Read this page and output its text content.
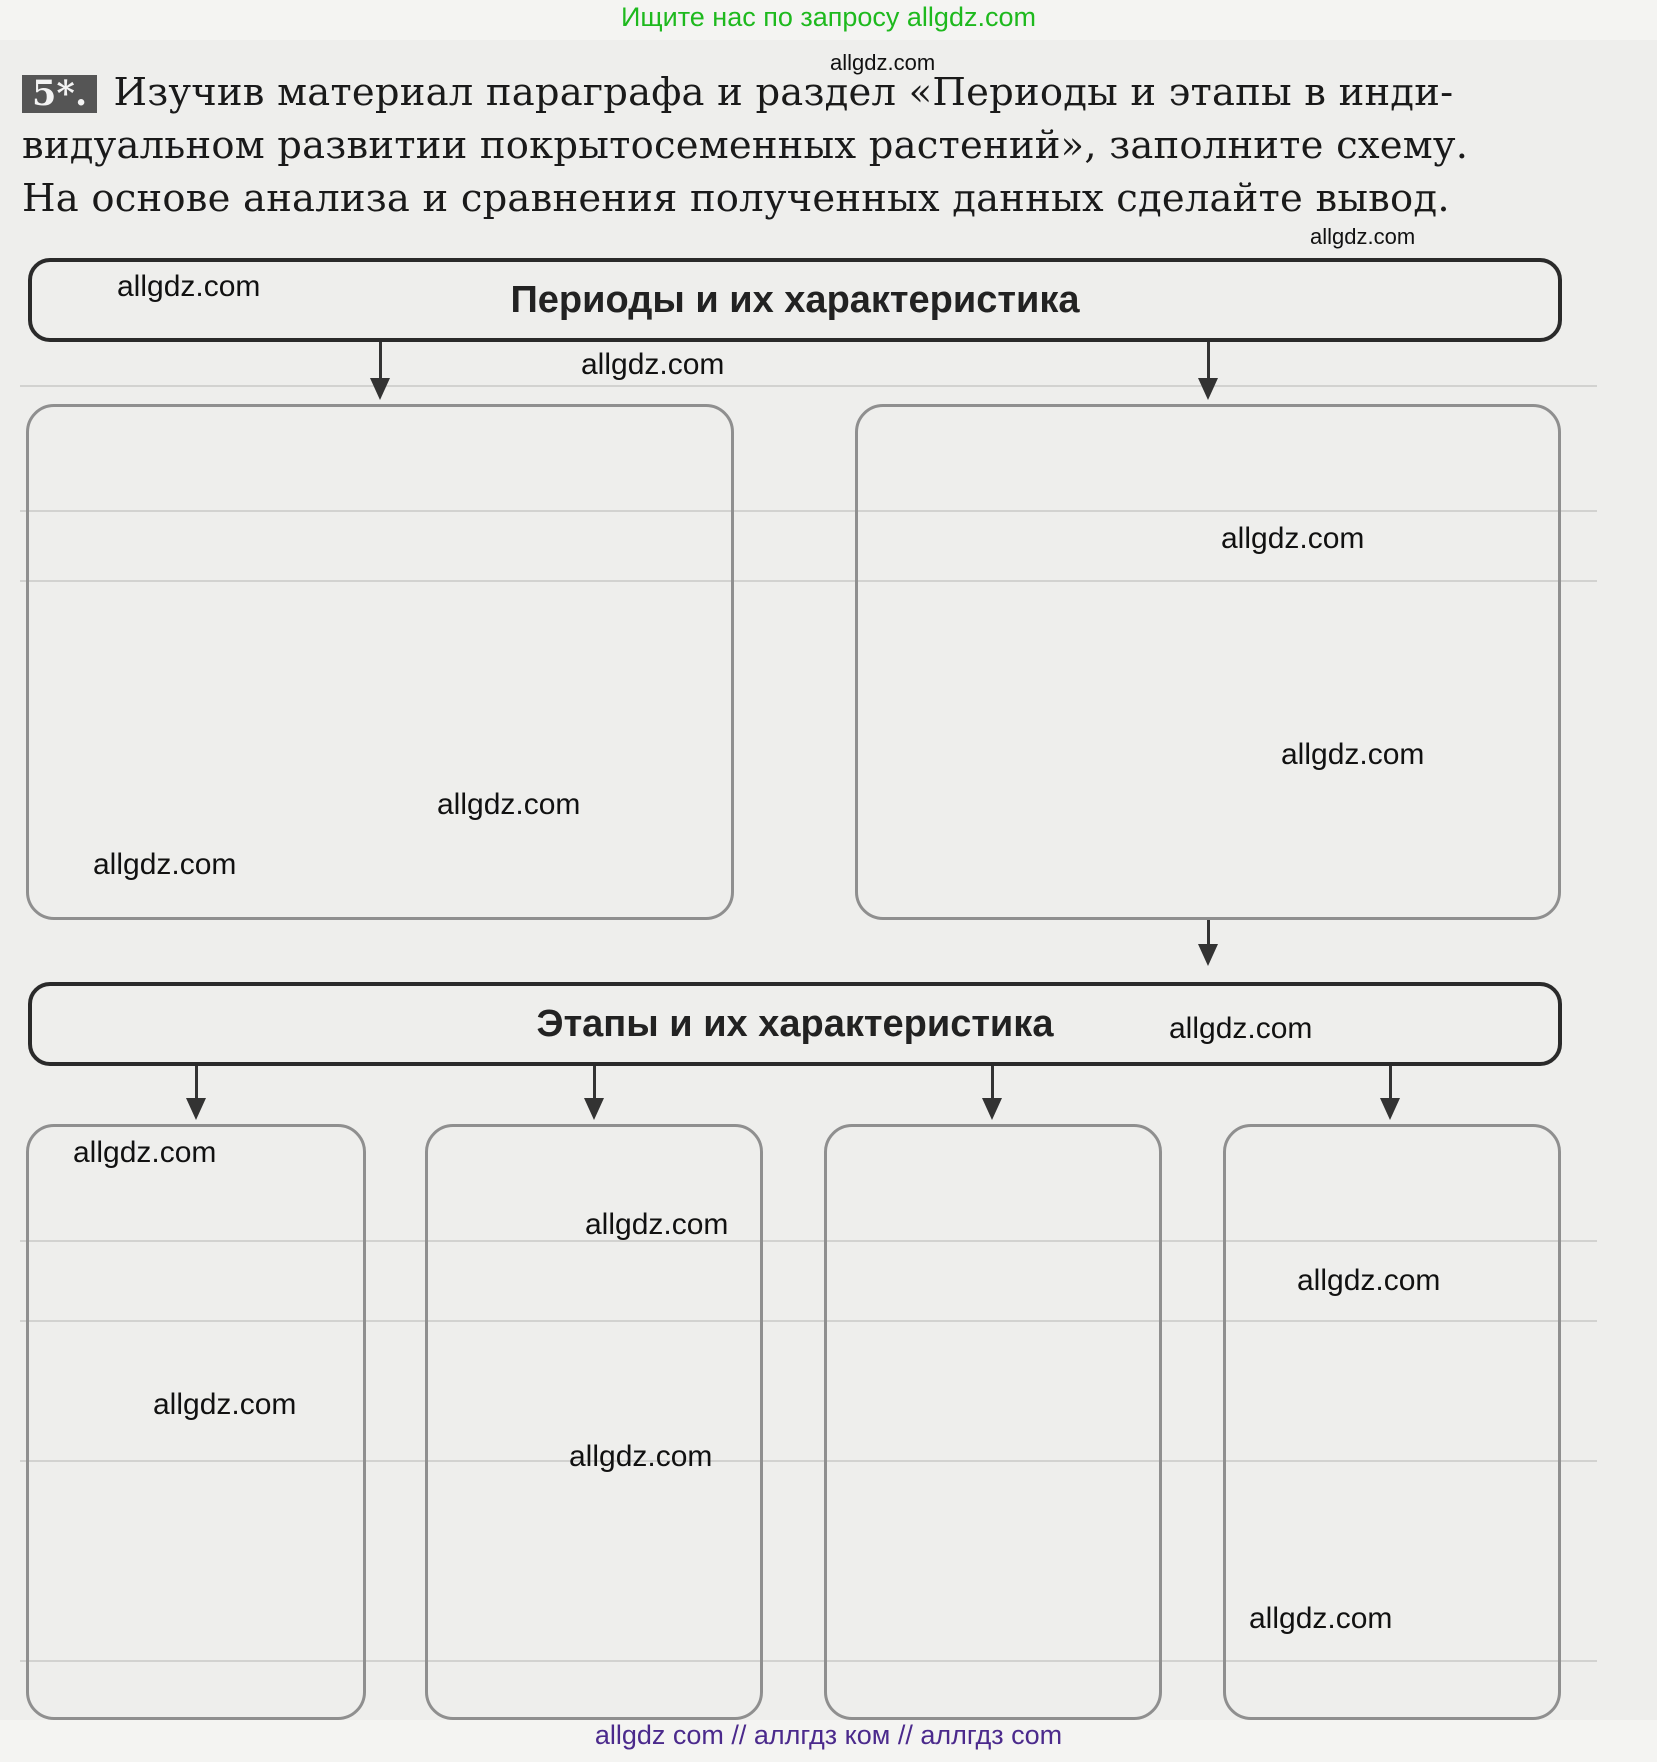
Ищите нас по запросу allgdz.com
5*. Изучив материал параграфа и раздел «Периоды и этапы в инди-
видуальном развитии покрытосеменных растений», заполните схему.
На основе анализа и сравнения полученных данных сделайте вывод.
Периоды и их характеристика
Этапы и их характеристика
allgdz.com
allgdz.com
allgdz.com
allgdz.com
allgdz.com
allgdz.com
allgdz.com
allgdz.com
allgdz.com
allgdz.com
allgdz.com
allgdz.com
allgdz.com
allgdz.com
allgdz.com
allgdz com // аллгдз ком // аллгдз com
